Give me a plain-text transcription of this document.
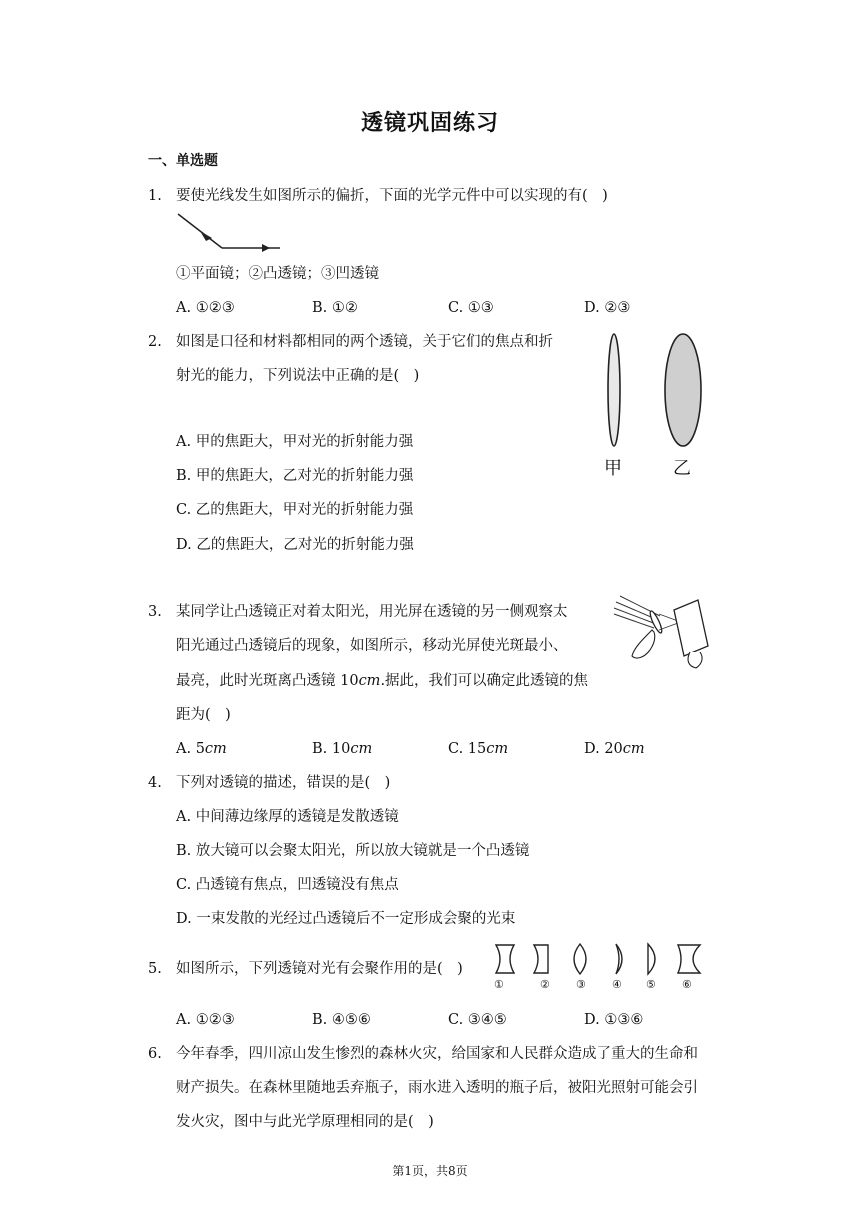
透镜巩固练习
一、单选题
1. 要使光线发生如图所示的偏折，下面的光学元件中可以实现的有(　)
①平面镜；②凸透镜；③凹透镜
A. ①②③	B. ①②	C. ①③	D. ②③
2. 如图是口径和材料都相同的两个透镜，关于它们的焦点和折
射光的能力，下列说法中正确的是(　)
A. 甲的焦距大，甲对光的折射能力强
B. 甲的焦距大，乙对光的折射能力强
C. 乙的焦距大，甲对光的折射能力强
D. 乙的焦距大，乙对光的折射能力强
甲	乙
3. 某同学让凸透镜正对着太阳光，用光屏在透镜的另一侧观察太
阳光通过凸透镜后的现象，如图所示，移动光屏使光斑最小、
最亮，此时光斑离凸透镜 10cm.据此，我们可以确定此透镜的焦
距为(　)
A. 5cm	B. 10cm	C. 15cm	D. 20cm
4. 下列对透镜的描述，错误的是(　)
A. 中间薄边缘厚的透镜是发散透镜
B. 放大镜可以会聚太阳光，所以放大镜就是一个凸透镜
C. 凸透镜有焦点，凹透镜没有焦点
D. 一束发散的光经过凸透镜后不一定形成会聚的光束
5. 如图所示，下列透镜对光有会聚作用的是(　)
①	② ③ ④ ⑤ ⑥
A. ①②③	B. ④⑤⑥	C. ③④⑤	D. ①③⑥
6. 今年春季，四川凉山发生惨烈的森林火灾，给国家和人民群众造成了重大的生命和
财产损失。在森林里随地丢弃瓶子，雨水进入透明的瓶子后，被阳光照射可能会引
发火灾，图中与此光学原理相同的是(　)
第1页，共8页
